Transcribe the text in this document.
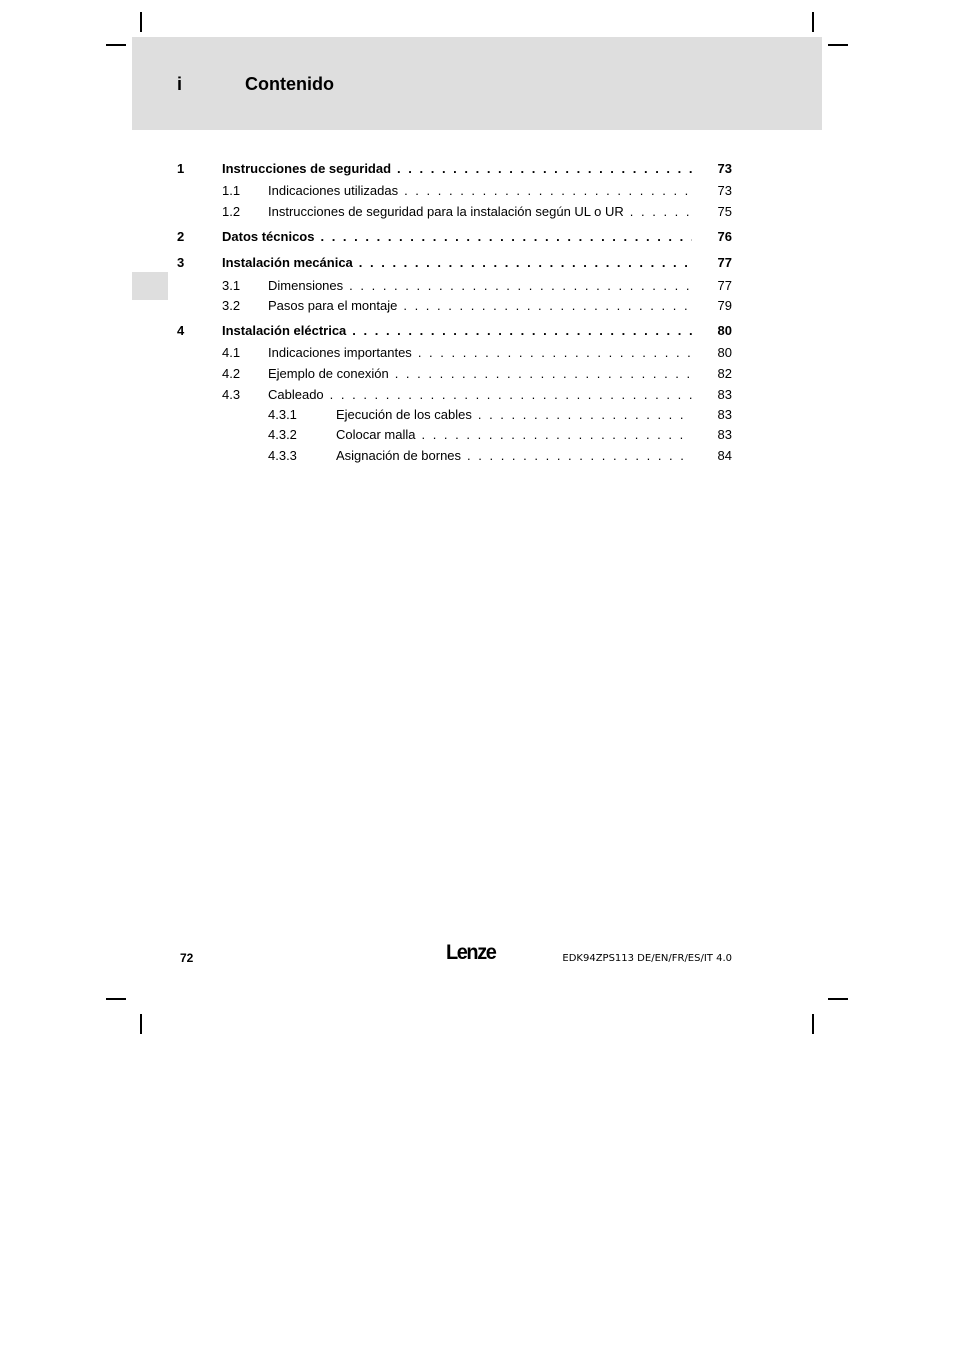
i	Contenido
1	Instrucciones de seguridad . . .	73
1.1 Indicaciones utilizadas . . .	73
1.2 Instrucciones de seguridad para la instalación según UL o UR . . .	75
2	Datos técnicos . . .	76
3	Instalación mecánica . . .	77
3.1 Dimensiones . . .	77
3.2 Pasos para el montaje . . .	79
4	Instalación eléctrica . . .	80
4.1 Indicaciones importantes . . .	80
4.2 Ejemplo de conexión . . .	82
4.3 Cableado . . .	83
4.3.1	Ejecución de los cables . . .	83
4.3.2	Colocar malla . . .	83
4.3.3	Asignación de bornes . . .	84
72	Lenze	EDK94ZPS113 DE/EN/FR/ES/IT 4.0
